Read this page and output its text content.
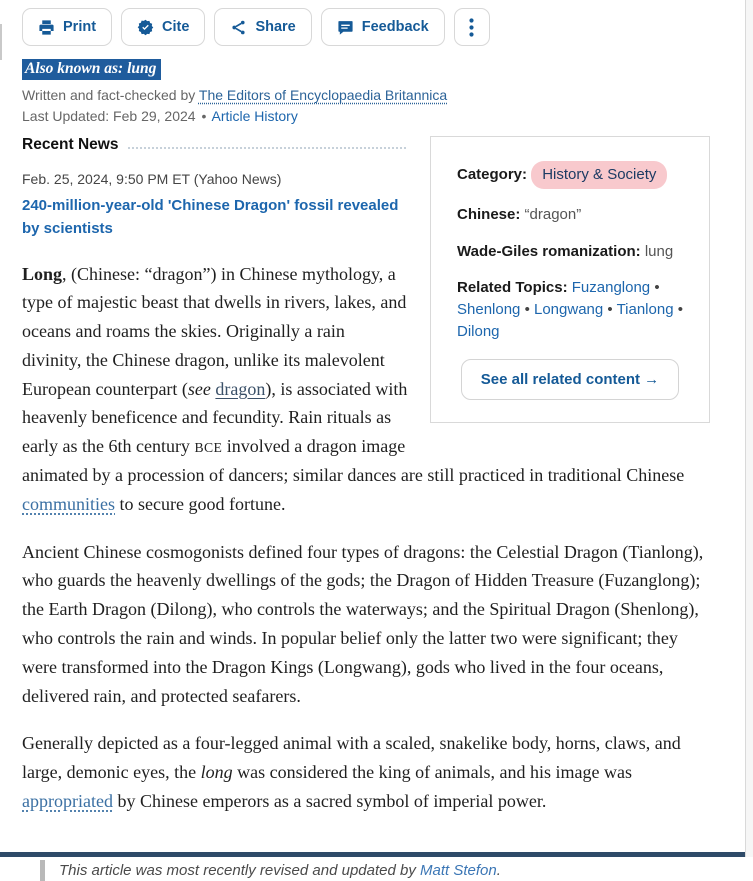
Print	Cite	Share	Feedback
Also known as: lung
Written and fact-checked by The Editors of Encyclopaedia Britannica
Last Updated: Feb 29, 2024 • Article History
Category: History & Society
Chinese: “dragon”
Wade-Giles romanization: lung
Related Topics: Fuzanglong • Shenlong • Longwang • Tianlong • Dilong
See all related content →
Recent News
Feb. 25, 2024, 9:50 PM ET (Yahoo News)
240-million-year-old 'Chinese Dragon' fossil revealed by scientists

Long, (Chinese: “dragon”) in Chinese mythology, a type of majestic beast that dwells in rivers, lakes, and oceans and roams the skies. Originally a rain divinity, the Chinese dragon, unlike its malevolent European counterpart (see dragon), is associated with heavenly beneficence and fecundity. Rain rituals as early as the 6th century BCE involved a dragon image animated by a procession of dancers; similar dances are still practiced in traditional Chinese communities to secure good fortune.

Ancient Chinese cosmogonists defined four types of dragons: the Celestial Dragon (Tianlong), who guards the heavenly dwellings of the gods; the Dragon of Hidden Treasure (Fuzanglong); the Earth Dragon (Dilong), who controls the waterways; and the Spiritual Dragon (Shenlong), who controls the rain and winds. In popular belief only the latter two were significant; they were transformed into the Dragon Kings (Longwang), gods who lived in the four oceans, delivered rain, and protected seafarers.

Generally depicted as a four-legged animal with a scaled, snakelike body, horns, claws, and large, demonic eyes, the long was considered the king of animals, and his image was appropriated by Chinese emperors as a sacred symbol of imperial power.

This article was most recently revised and updated by Matt Stefon.
